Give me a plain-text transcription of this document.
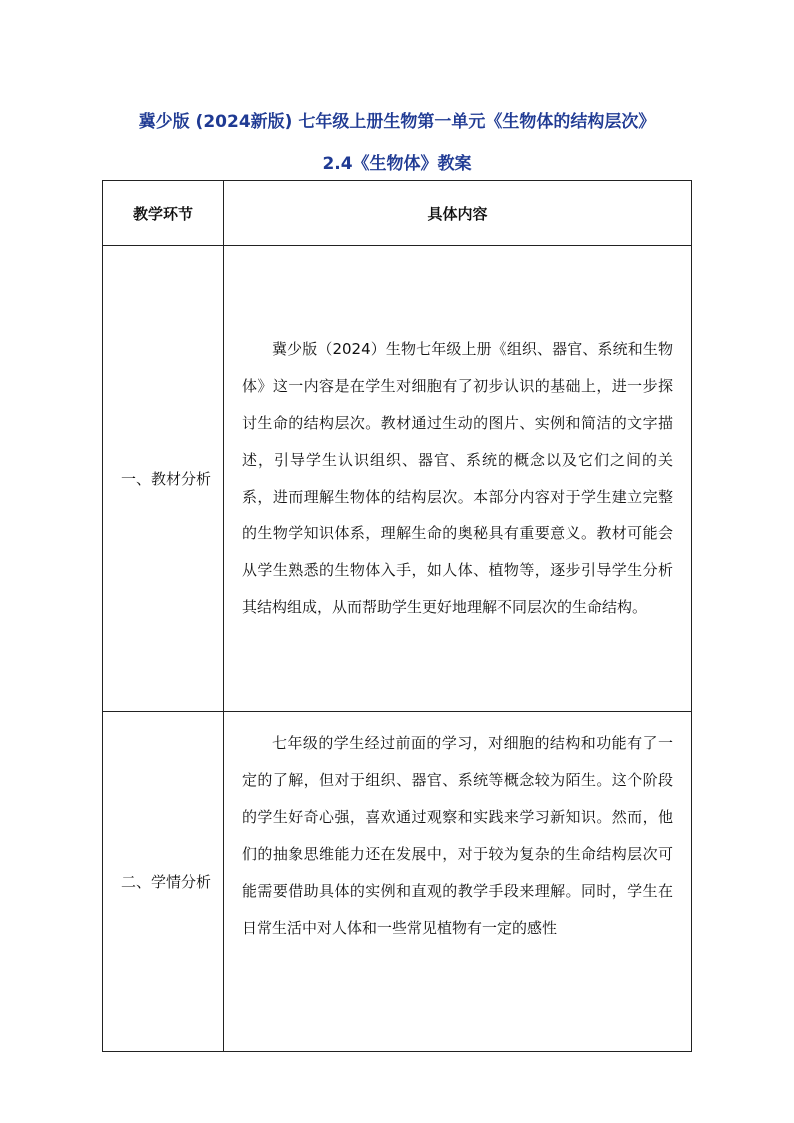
冀少版 (2024新版) 七年级上册生物第一单元《生物体的结构层次》
2.4《生物体》教案
教学环节	具体内容
一、教材分析	冀少版（2024）生物七年级上册《组织、器官、系统和生物体》这一内容是在学生对细胞有了初步认识的基础上，进一步探讨生命的结构层次。教材通过生动的图片、实例和简洁的文字描述，引导学生认识组织、器官、系统的概念以及它们之间的关系，进而理解生物体的结构层次。本部分内容对于学生建立完整的生物学知识体系，理解生命的奥秘具有重要意义。教材可能会从学生熟悉的生物体入手，如人体、植物等，逐步引导学生分析其结构组成，从而帮助学生更好地理解不同层次的生命结构。

二、学情分析	七年级的学生经过前面的学习，对细胞的结构和功能有了一定的了解，但对于组织、器官、系统等概念较为陌生。这个阶段的学生好奇心强，喜欢通过观察和实践来学习新知识。然而，他们的抽象思维能力还在发展中，对于较为复杂的生命结构层次可能需要借助具体的实例和直观的教学手段来理解。同时，学生在日常生活中对人体和一些常见植物有一定的感性
